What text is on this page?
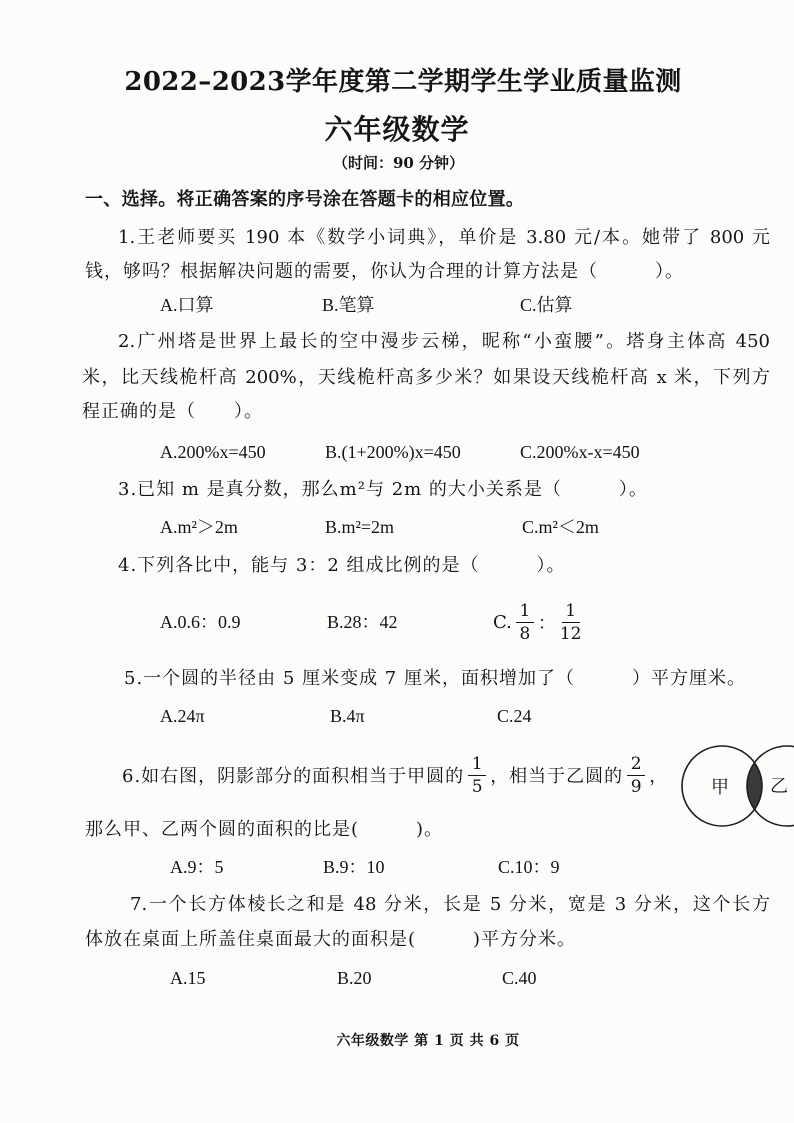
2022–2023学年度第二学期学生学业质量监测
六年级数学
（时间：90 分钟）
一、选择。将正确答案的序号涂在答题卡的相应位置。
1.王老师要买 190 本《数学小词典》，单价是 3.80 元/本。她带了 800 元
钱，够吗？根据解决问题的需要，你认为合理的计算方法是（　　　）。
A.口算	B.笔算	C.估算
2.广州塔是世界上最长的空中漫步云梯，昵称“小蛮腰”。塔身主体高 450
米，比天线桅杆高 200%，天线桅杆高多少米？如果设天线桅杆高 x 米，下列方
程正确的是（　　）。
A.200%x=450	B.(1+200%)x=450	C.200%x-x=450
3.已知 m 是真分数，那么m²与 2m 的大小关系是（　　　）。
A.m²＞2m	B.m²=2m	C.m²＜2m
4.下列各比中，能与 3：2 组成比例的是（　　　）。
A.0.6：0.9	B.28：42	C. $\frac{1}{8}$ ： $\frac{1}{12}$
5.一个圆的半径由 5 厘米变成 7 厘米，面积增加了（　　　）平方厘米。
A.24π	B.4π	C.24
6.如右图，阴影部分的面积相当于甲圆的 $\frac{1}{5}$ ，相当于乙圆的 $\frac{2}{9}$ ，
甲 乙
那么甲、乙两个圆的面积的比是(　　　)。
A.9：5	B.9：10	C.10：9
7.一个长方体棱长之和是 48 分米，长是 5 分米，宽是 3 分米，这个长方
体放在桌面上所盖住桌面最大的面积是(　　　)平方分米。
A.15	B.20	C.40
六年级数学 第 1 页 共 6 页
